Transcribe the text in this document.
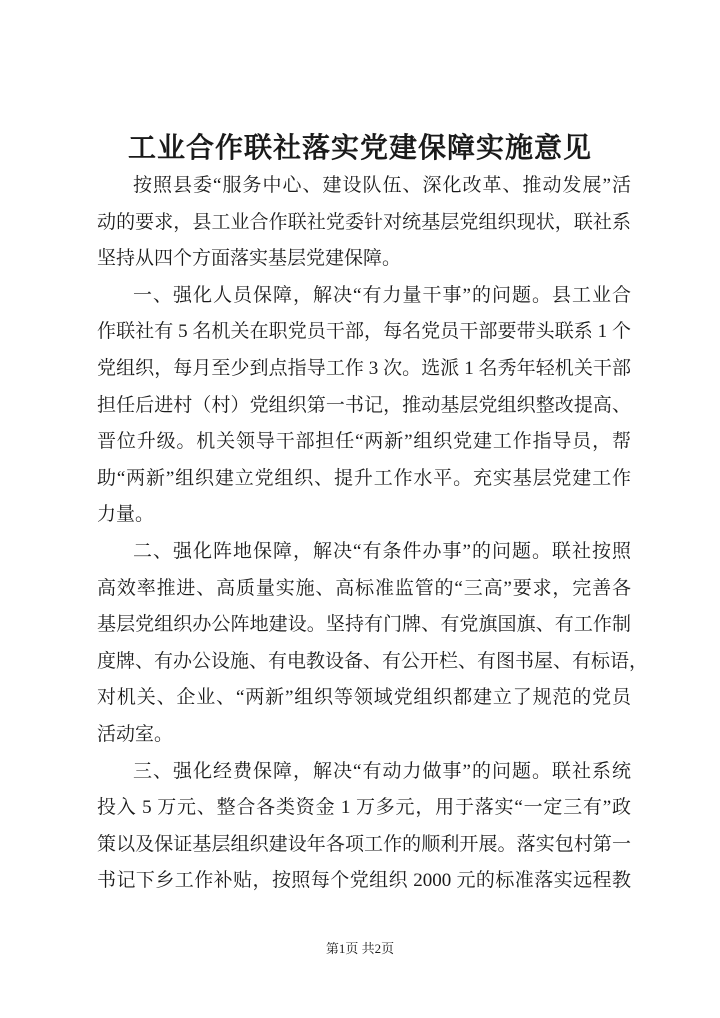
工业合作联社落实党建保障实施意见
按照县委“服务中心、建设队伍、深化改革、推动发展”活
动的要求，县工业合作联社党委针对统基层党组织现状，联社系
坚持从四个方面落实基层党建保障。
一、强化人员保障，解决“有力量干事”的问题。县工业合
作联社有 5 名机关在职党员干部，每名党员干部要带头联系 1 个
党组织，每月至少到点指导工作 3 次。选派 1 名秀年轻机关干部
担任后进村（村）党组织第一书记，推动基层党组织整改提高、
晋位升级。机关领导干部担任“两新”组织党建工作指导员，帮
助“两新”组织建立党组织、提升工作水平。充实基层党建工作
力量。
二、强化阵地保障，解决“有条件办事”的问题。联社按照
高效率推进、高质量实施、高标准监管的“三高”要求，完善各
基层党组织办公阵地建设。坚持有门牌、有党旗国旗、有工作制
度牌、有办公设施、有电教设备、有公开栏、有图书屋、有标语，
对机关、企业、“两新”组织等领域党组织都建立了规范的党员
活动室。
三、强化经费保障，解决“有动力做事”的问题。联社系统
投入 5 万元、整合各类资金 1 万多元，用于落实“一定三有”政
策以及保证基层组织建设年各项工作的顺利开展。落实包村第一
书记下乡工作补贴，按照每个党组织 2000 元的标准落实远程教
第1页 共2页
